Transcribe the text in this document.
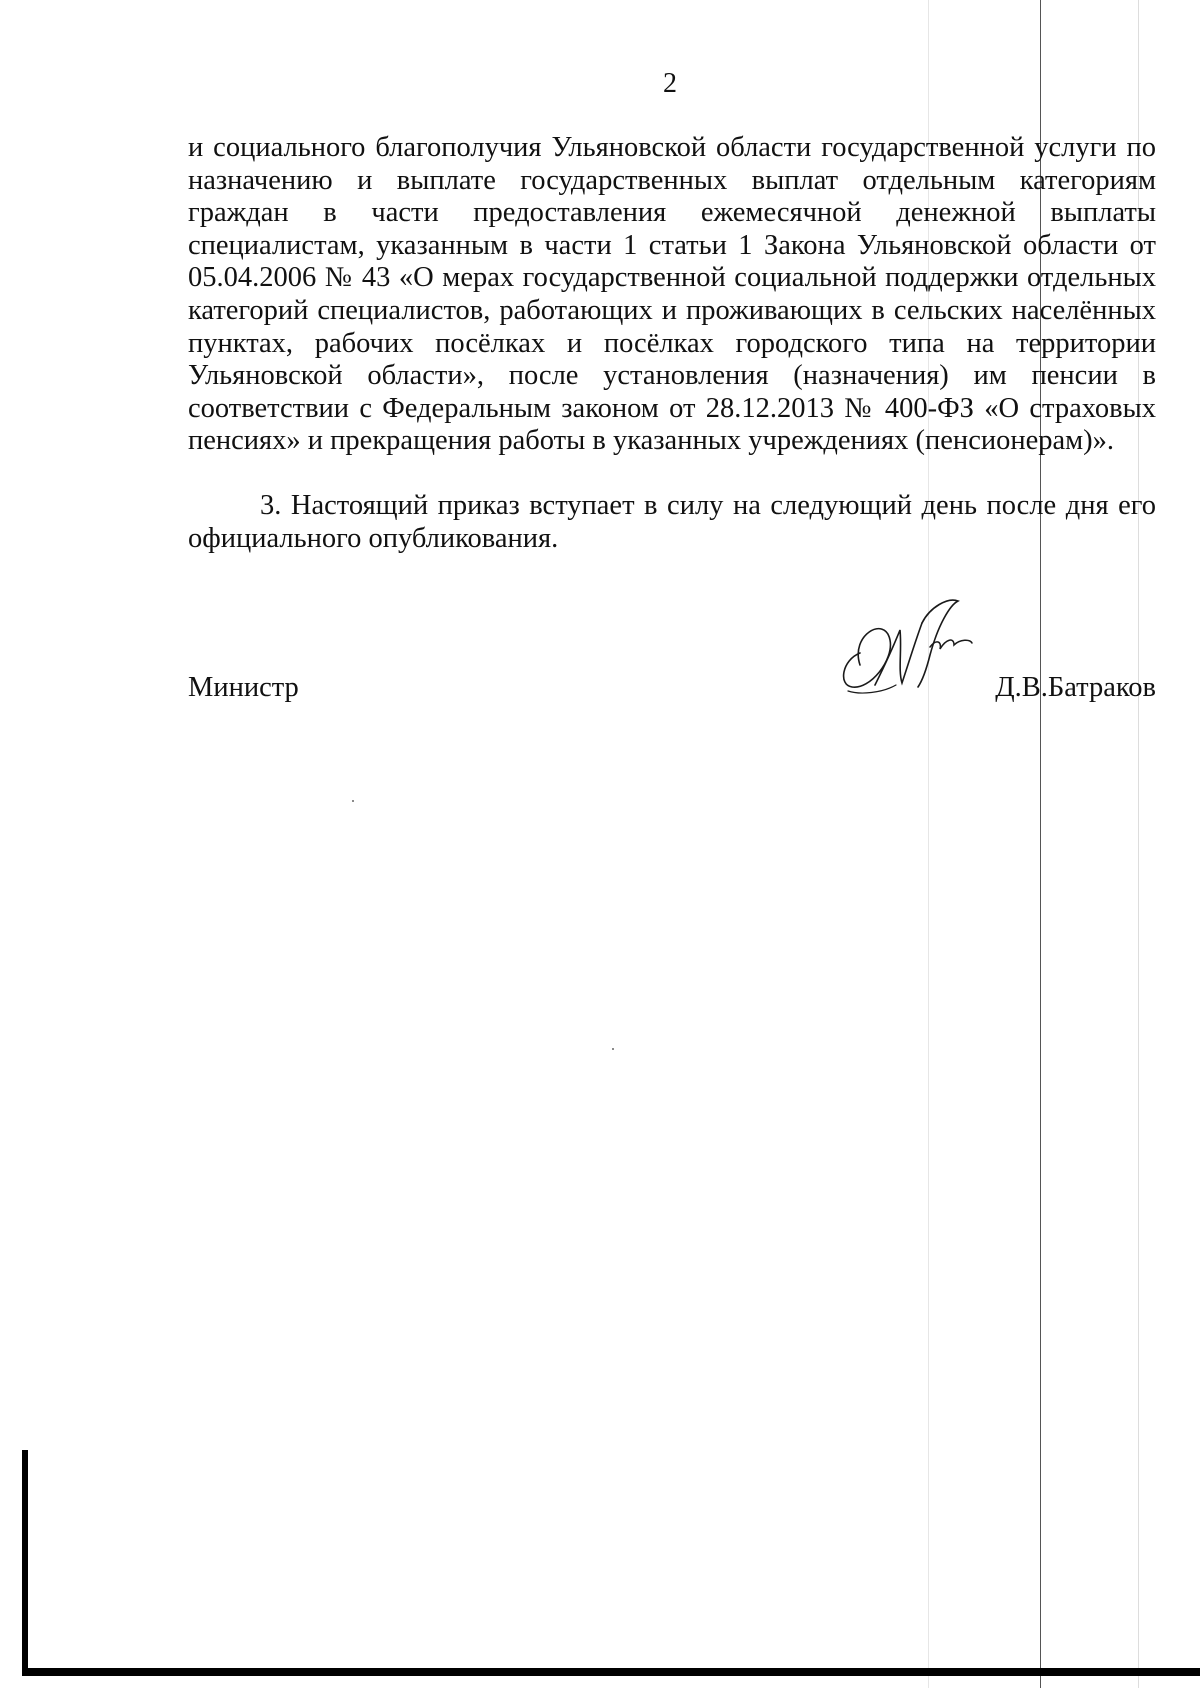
2

и социального благополучия Ульяновской области государственной услуги по назначению и выплате государственных выплат отдельным категориям граждан в части предоставления ежемесячной денежной выплаты специалистам, указанным в части 1 статьи 1 Закона Ульяновской области от 05.04.2006 № 43 «О мерах государственной социальной поддержки отдельных категорий специалистов, работающих и проживающих в сельских населённых пунктах, рабочих посёлках и посёлках городского типа на территории Ульяновской области», после установления (назначения) им пенсии в соответствии с Федеральным законом от 28.12.2013 № 400-ФЗ «О страховых пенсиях» и прекращения работы в указанных учреждениях (пенсионерам)».

3. Настоящий приказ вступает в силу на следующий день после дня его официального опубликования.

Министр	Д.В.Батраков
